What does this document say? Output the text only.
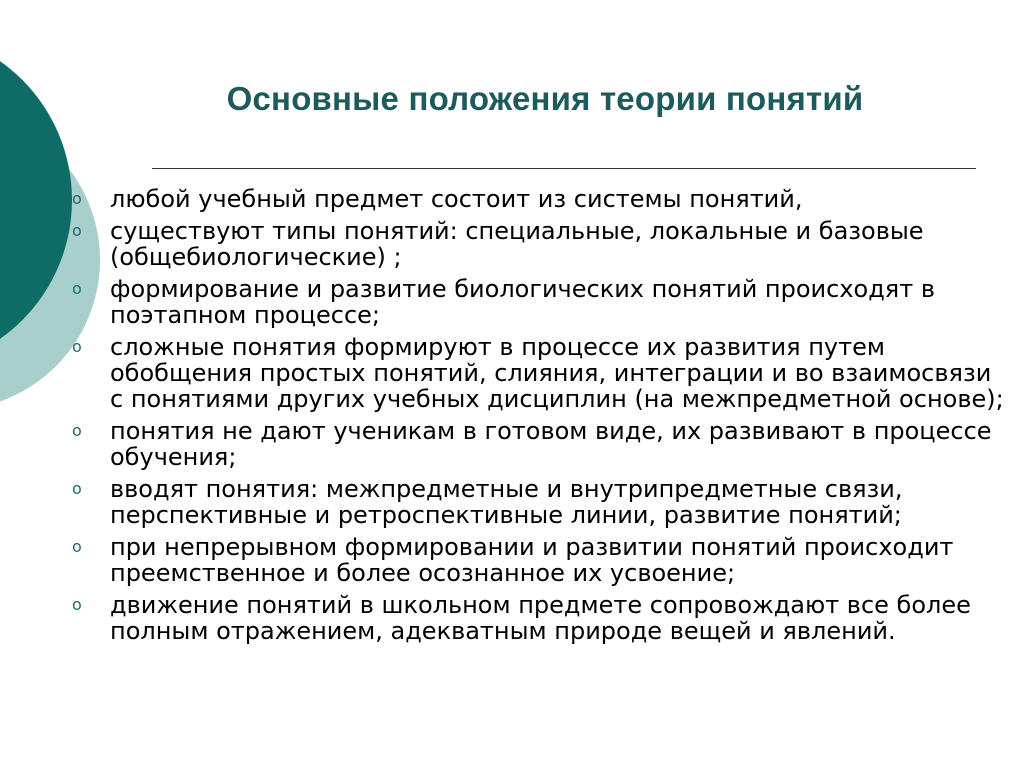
Основные положения теории понятий
o любой учебный предмет состоит из системы понятий,
o существуют типы понятий: специальные, локальные и базовые (общебиологические) ;
o формирование и развитие биологических понятий происходят в поэтапном процессе;
o сложные понятия формируют в процессе их развития путем обобщения простых понятий, слияния, интеграции и во взаимосвязи с понятиями других учебных дисциплин (на межпредметной основе);
o понятия не дают ученикам в готовом виде, их развивают в процессе обучения;
o вводят понятия: межпредметные и внутрипредметные связи, перспективные и ретроспективные линии, развитие понятий;
o при непрерывном формировании и развитии понятий происходит преемственное и более осознанное их усвоение;
o движение понятий в школьном предмете сопровождают все более полным отражением, адекватным природе вещей и явлений.
